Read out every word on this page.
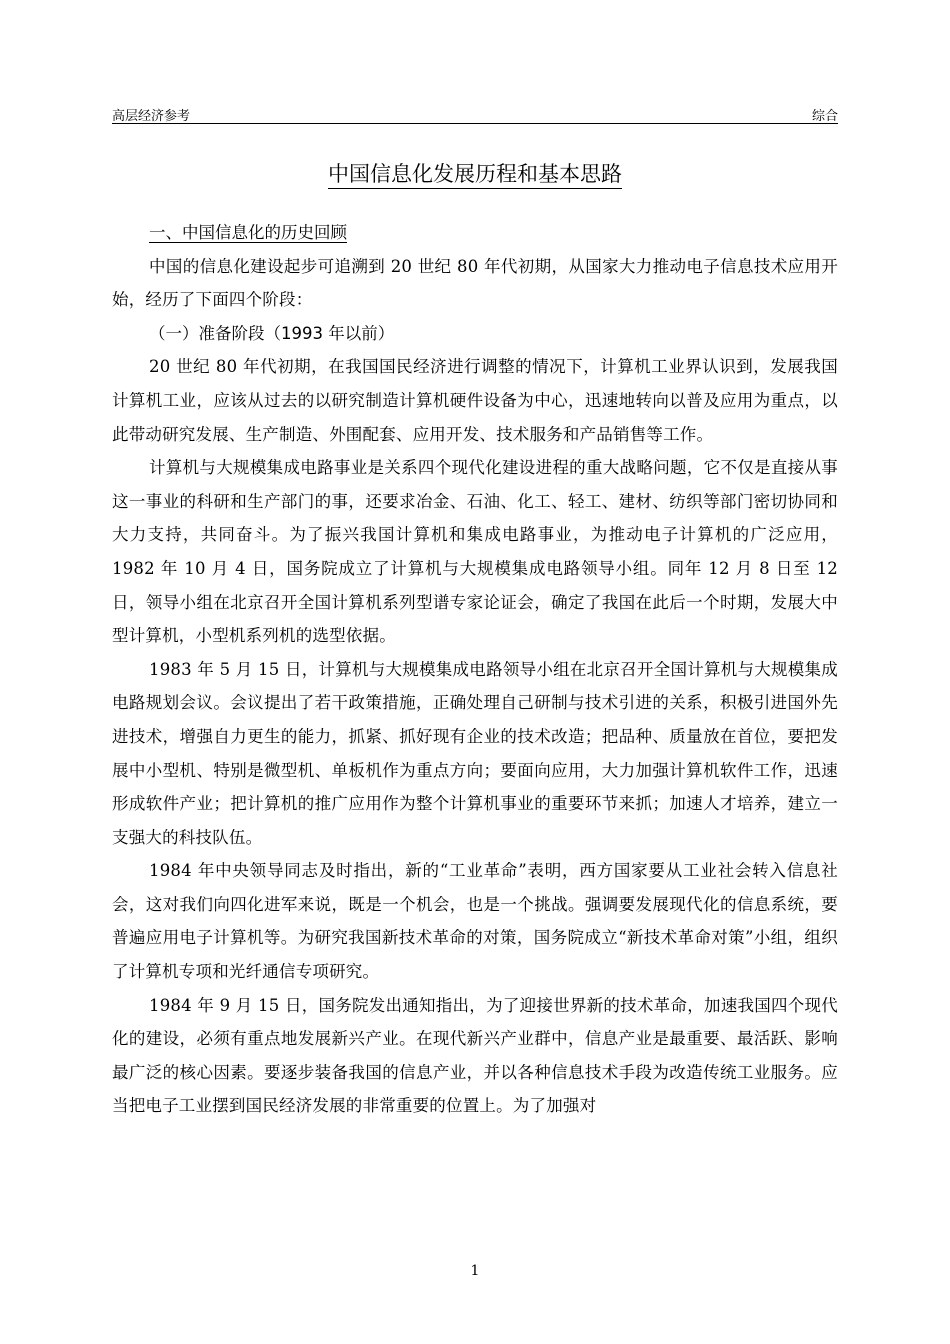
高层经济参考	综合
中国信息化发展历程和基本思路
一、中国信息化的历史回顾

中国的信息化建设起步可追溯到 20 世纪 80 年代初期，从国家大力推动电子信息技术应用开始，经历了下面四个阶段：

（一）准备阶段（1993 年以前）

20 世纪 80 年代初期，在我国国民经济进行调整的情况下，计算机工业界认识到，发展我国计算机工业，应该从过去的以研究制造计算机硬件设备为中心，迅速地转向以普及应用为重点，以此带动研究发展、生产制造、外围配套、应用开发、技术服务和产品销售等工作。

计算机与大规模集成电路事业是关系四个现代化建设进程的重大战略问题，它不仅是直接从事这一事业的科研和生产部门的事，还要求冶金、石油、化工、轻工、建材、纺织等部门密切协同和大力支持，共同奋斗。为了振兴我国计算机和集成电路事业，为推动电子计算机的广泛应用，1982 年 10 月 4 日，国务院成立了计算机与大规模集成电路领导小组。同年 12 月 8 日至 12 日，领导小组在北京召开全国计算机系列型谱专家论证会，确定了我国在此后一个时期，发展大中型计算机，小型机系列机的选型依据。

1983 年 5 月 15 日，计算机与大规模集成电路领导小组在北京召开全国计算机与大规模集成电路规划会议。会议提出了若干政策措施，正确处理自己研制与技术引进的关系，积极引进国外先进技术，增强自力更生的能力，抓紧、抓好现有企业的技术改造；把品种、质量放在首位，要把发展中小型机、特别是微型机、单板机作为重点方向；要面向应用，大力加强计算机软件工作，迅速形成软件产业；把计算机的推广应用作为整个计算机事业的重要环节来抓；加速人才培养，建立一支强大的科技队伍。

1984 年中央领导同志及时指出，新的“工业革命”表明，西方国家要从工业社会转入信息社会，这对我们向四化进军来说，既是一个机会，也是一个挑战。强调要发展现代化的信息系统，要普遍应用电子计算机等。为研究我国新技术革命的对策，国务院成立“新技术革命对策”小组，组织了计算机专项和光纤通信专项研究。

1984 年 9 月 15 日，国务院发出通知指出，为了迎接世界新的技术革命，加速我国四个现代化的建设，必须有重点地发展新兴产业。在现代新兴产业群中，信息产业是最重要、最活跃、影响最广泛的核心因素。要逐步装备我国的信息产业，并以各种信息技术手段为改造传统工业服务。应当把电子工业摆到国民经济发展的非常重要的位置上。为了加强对

1
